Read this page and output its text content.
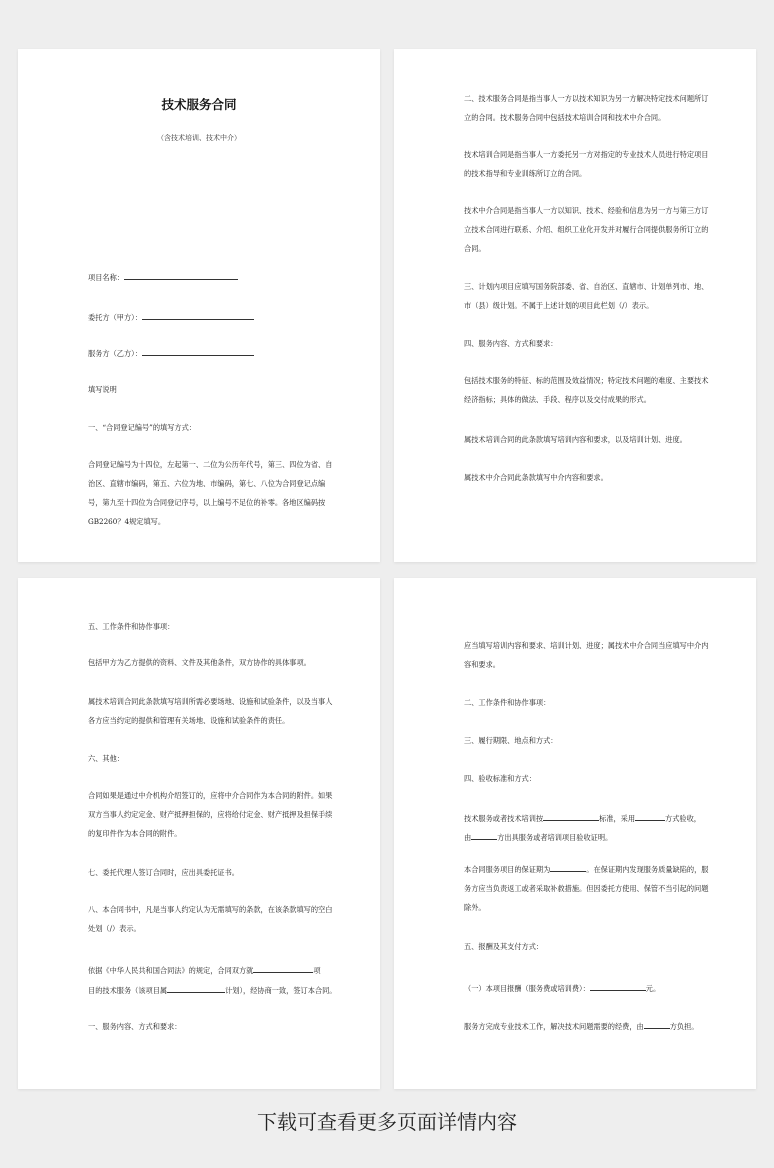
技术服务合同
（含技术培训、技术中介）
项目名称：
委托方（甲方）：
服务方（乙方）：
填写说明
一、“合同登记编号”的填写方式：
合同登记编号为十四位，左起第一、二位为公历年代号，第三、四位为省、自治区、直辖市编码，第五、六位为地、市编码，第七、八位为合同登记点编号，第九至十四位为合同登记序号，以上编号不足位的补零。各地区编码按GB2260？4规定填写。
二、技术服务合同是指当事人一方以技术知识为另一方解决特定技术问题所订立的合同。技术服务合同中包括技术培训合同和技术中介合同。
技术培训合同是指当事人一方委托另一方对指定的专业技术人员进行特定项目的技术指导和专业训练所订立的合同。
技术中介合同是指当事人一方以知识、技术、经验和信息为另一方与第三方订立技术合同进行联系、介绍、组织工业化开发并对履行合同提供服务所订立的合同。
三、计划内项目应填写国务院部委、省、自治区、直辖市、计划单列市、地、市（县）级计划。不属于上述计划的项目此栏划（/）表示。
四、服务内容、方式和要求：
包括技术服务的特征、标的范围及效益情况；特定技术问题的难度、主要技术经济指标；具体的做法、手段、程序以及交付成果的形式。
属技术培训合同的此条款填写培训内容和要求，以及培训计划、进度。
属技术中介合同此条款填写中介内容和要求。
五、工作条件和协作事项：
包括甲方为乙方提供的资料、文件及其他条件，双方协作的具体事项。
属技术培训合同此条款填写培训所需必要场地、设施和试验条件，以及当事人各方应当约定的提供和管理有关场地、设施和试验条件的责任。
六、其他：
合同如果是通过中介机构介绍签订的，应将中介合同作为本合同的附件。如果双方当事人约定定金、财产抵押担保的，应将给付定金、财产抵押及担保手续的复印件作为本合同的附件。
七、委托代理人签订合同时，应出具委托证书。
八、本合同书中，凡是当事人约定认为无需填写的条款，在该条款填写的空白处划（/）表示。
依据《中华人民共和国合同法》的规定，合同双方就	项
目的技术服务（该项目属	计划），经协商一致，签订本合同。
一、服务内容、方式和要求：
应当填写培训内容和要求、培训计划、进度；属技术中介合同当应填写中介内容和要求。
二、工作条件和协作事项：
三、履行期限、地点和方式：
四、验收标准和方式：
技术服务或者技术培训按	标准，采用	方式验收，
由	方出具服务或者培训项目验收证明。
本合同服务项目的保证期为	。在保证期内发现服务质量缺陷的，服务方应当负责返工或者采取补救措施。但因委托方使用、保管不当引起的问题除外。
五、报酬及其支付方式：
（一）本项目报酬（服务费或培训费）：	元。
服务方完成专业技术工作，解决技术问题需要的经费，由	方负担。
下载可查看更多页面详情内容
